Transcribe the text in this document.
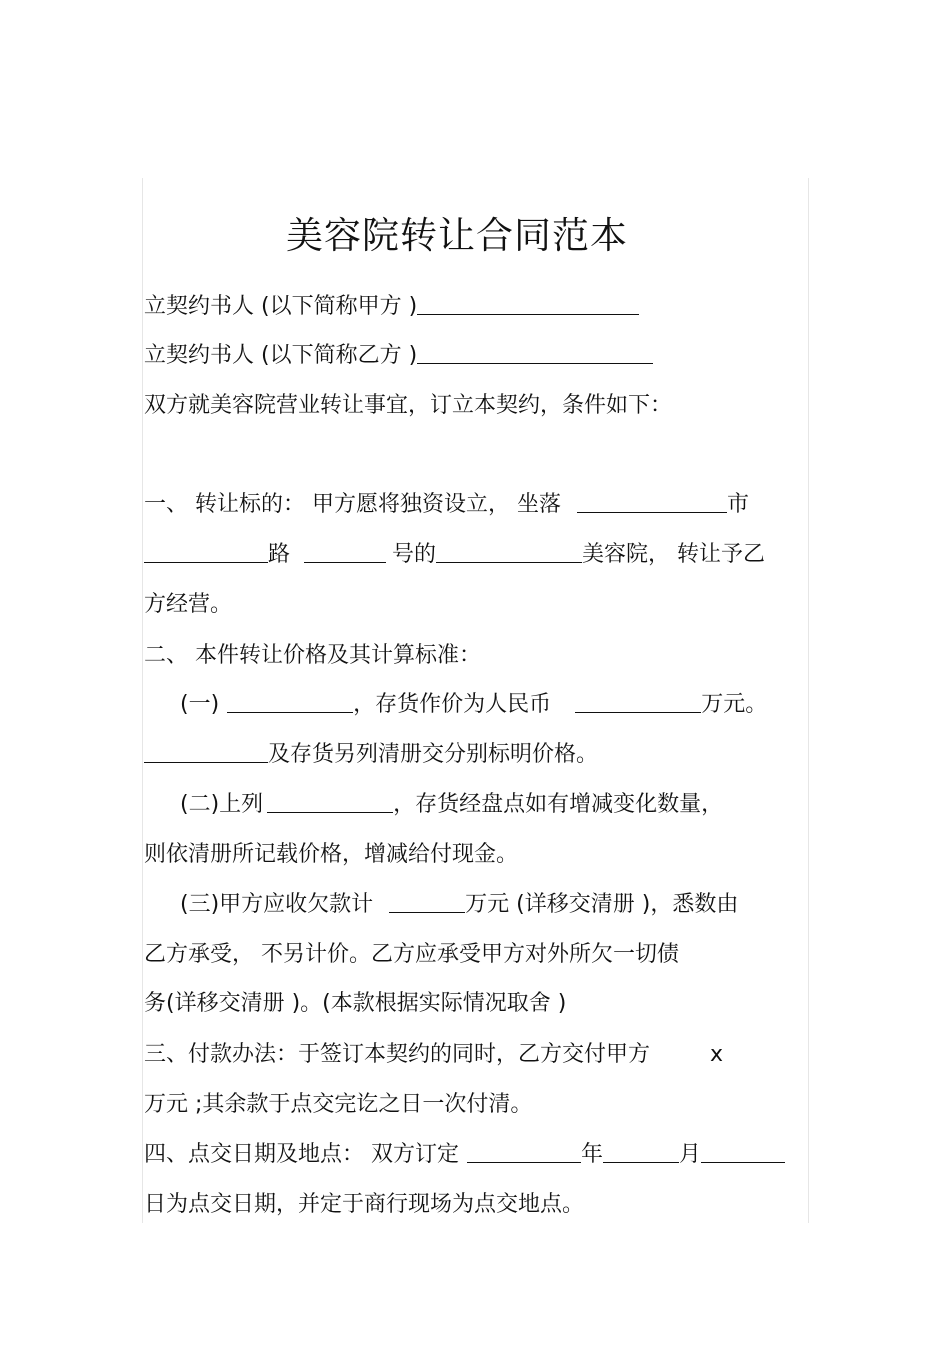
美容院转让合同范本
立契约书人 (以下简称甲方 )
立契约书人 (以下简称乙方 )
双方就美容院营业转让事宜，订立本契约，条件如下：
一、 转让标的： 甲方愿将独资设立， 坐落	市
路	号的	美容院， 转让予乙
方经营。
二、 本件转让价格及其计算标准：
(一)	，存货作价为人民币	万元。
及存货另列清册交分别标明价格。
(二)上列	，存货经盘点如有增减变化数量，
则依清册所记载价格，增减给付现金。
(三)甲方应收欠款计	万元 (详移交清册 )，悉数由
乙方承受， 不另计价。乙方应承受甲方对外所欠一切债
务(详移交清册 )。(本款根据实际情况取舍 )
三、付款办法：于签订本契约的同时，乙方交付甲方	x
万元 ;其余款于点交完讫之日一次付清。
四、点交日期及地点： 双方订定	年	月
日为点交日期，并定于商行现场为点交地点。
